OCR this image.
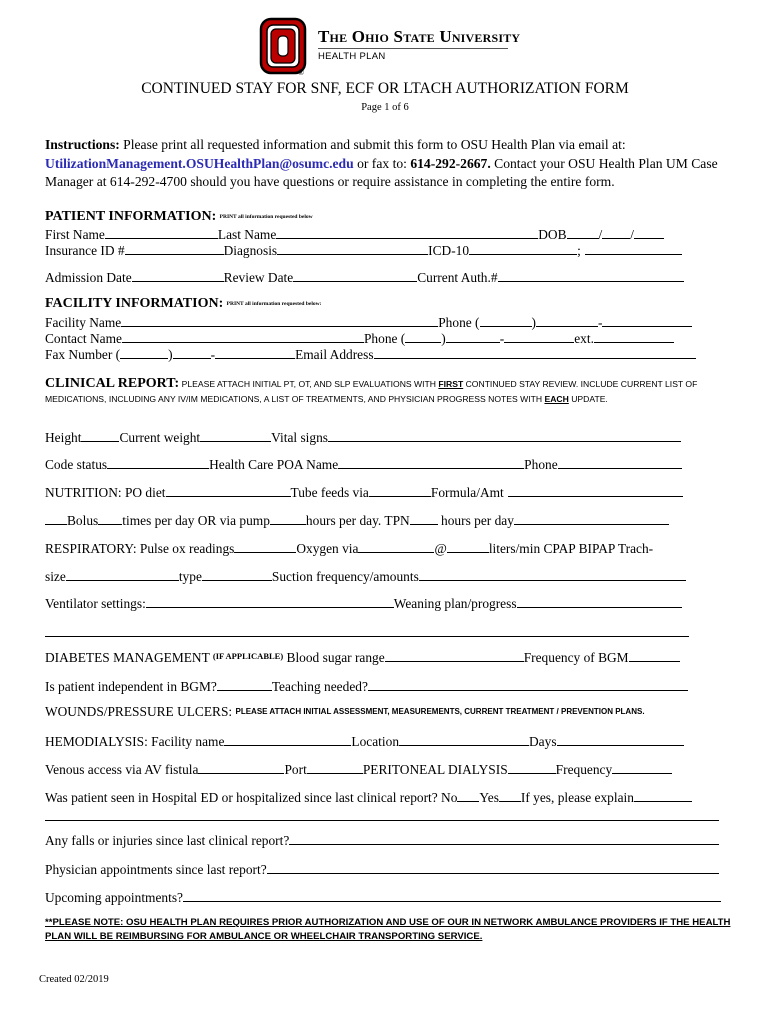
®
The Ohio State University
HEALTH PLAN
CONTINUED STAY FOR SNF, ECF OR LTACH AUTHORIZATION FORM
Page 1 of 6
Instructions: Please print all requested information and submit this form to OSU Health Plan via email at:
UtilizationManagement.OSUHealthPlan@osumc.edu or fax to: 614-292-2667. Contact your OSU Health Plan UM Case Manager at 614-292-4700 should you have questions or require assistance in completing the entire form.
PATIENT INFORMATION: $^{PRINT all information requested below}$
First Name	Last Name	DOB / /
Insurance ID #	Diagnosis	ICD-10	;
Admission Date	Review Date	Current Auth.#
FACILITY INFORMATION: $^{PRINT all information requested below:}$
Facility Name	Phone (	)	-
Contact Name	Phone (	)	-	ext.
Fax Number (	)	-	Email Address
CLINICAL REPORT: PLEASE ATTACH INITIAL PT, OT, AND SLP EVALUATIONS WITH FIRST CONTINUED STAY REVIEW. INCLUDE CURRENT LIST OF MEDICATIONS, INCLUDING ANY IV/IM MEDICATIONS, A LIST OF TREATMENTS, AND PHYSICIAN PROGRESS NOTES WITH EACH UPDATE.
Height	Current weight	Vital signs
Code status	Health Care POA Name	Phone
NUTRITION: PO diet	Tube feeds via	Formula/Amt
Bolus times per day OR via pump	hours per day. TPN hours per day
RESPIRATORY: Pulse ox readings	Oxygen via	@	liters/min CPAP BIPAP Trach-
size	type	Suction frequency/amounts
Ventilator settings:	Weaning plan/progress
DIABETES MANAGEMENT $^{(IF APPLICABLE)}$ Blood sugar range	Frequency of BGM
Is patient independent in BGM?	Teaching needed?
WOUNDS/PRESSURE ULCERS: $^{PLEASE ATTACH INITIAL ASSESSMENT, MEASUREMENTS, CURRENT TREATMENT / PREVENTION PLANS.}$
HEMODIALYSIS: Facility name	Location	Days
Venous access via AV fistula	Port	PERITONEAL DIALYSIS	Frequency
Was patient seen in Hospital ED or hospitalized since last clinical report? No Yes If yes, please explain
Any falls or injuries since last clinical report?
Physician appointments since last report?
Upcoming appointments?
**PLEASE NOTE: OSU HEALTH PLAN REQUIRES PRIOR AUTHORIZATION AND USE OF OUR IN NETWORK AMBULANCE PROVIDERS IF THE HEALTH PLAN WILL BE REIMBURSING FOR AMBULANCE OR WHEELCHAIR TRANSPORTING SERVICE.
Created 02/2019
